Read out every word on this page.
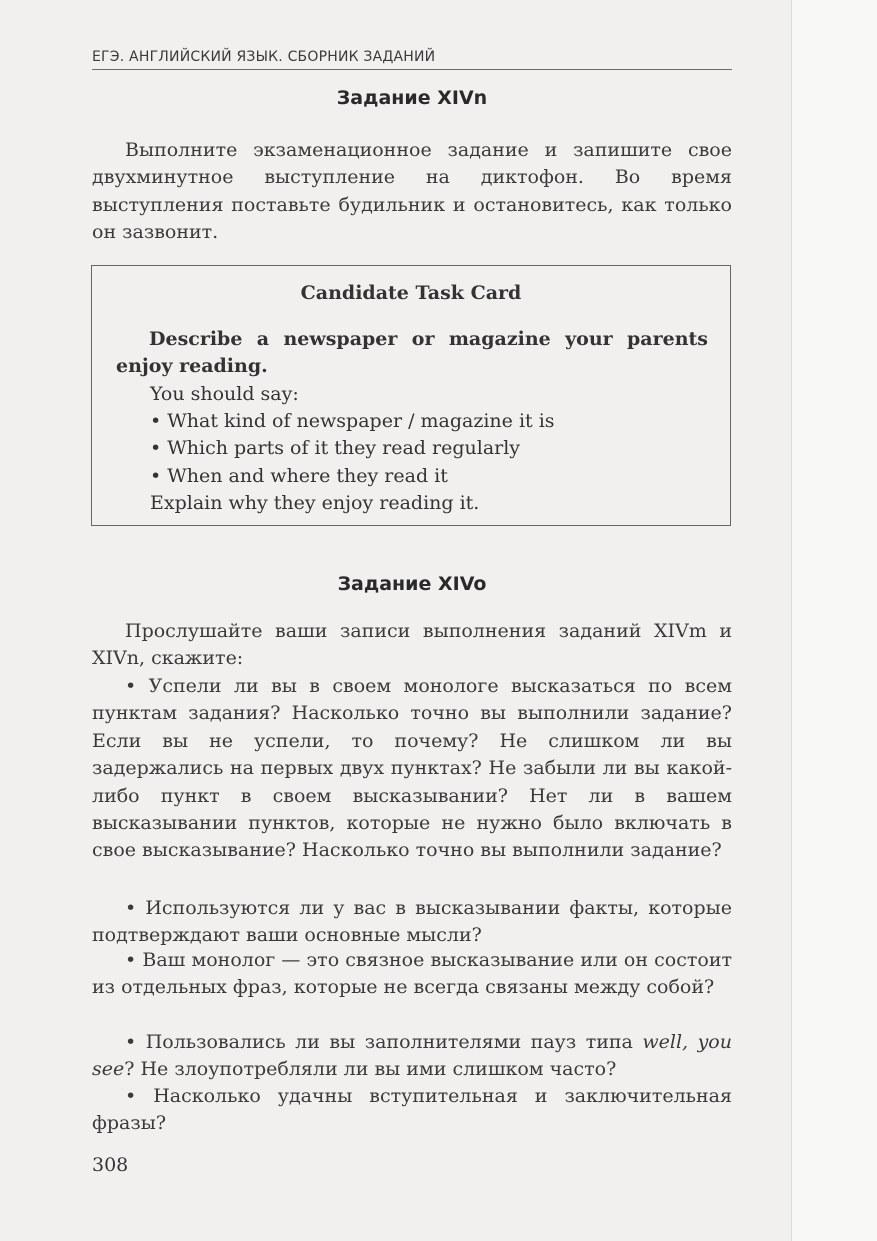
ЕГЭ. АНГЛИЙСКИЙ ЯЗЫК. СБОРНИК ЗАДАНИЙ
Задание XIVn

Выполните экзаменационное задание и запишите свое двухминутное выступление на диктофон. Во время выступления поставьте будильник и остановитесь, как только он зазвонит.

Candidate Task Card

Describe a newspaper or magazine your parents enjoy reading.

You should say:

• What kind of newspaper / magazine it is

• Which parts of it they read regularly

• When and where they read it

Explain why they enjoy reading it.

Задание XIVo

Прослушайте ваши записи выполнения заданий XIVm и XIVn, скажите:

• Успели ли вы в своем монологе высказаться по всем пунктам задания? Насколько точно вы выполнили задание? Если вы не успели, то почему? Не слишком ли вы задержались на первых двух пунктах? Не забыли ли вы какой-либо пункт в своем высказывании? Нет ли в вашем высказывании пунктов, которые не нужно было включать в свое высказывание? Насколько точно вы выполнили задание?

• Используются ли у вас в высказывании факты, которые подтверждают ваши основные мысли?

• Ваш монолог — это связное высказывание или он состоит из отдельных фраз, которые не всегда связаны между собой?

• Пользовались ли вы заполнителями пауз типа well, you see? Не злоупотребляли ли вы ими слишком часто?

• Насколько удачны вступительная и заключительная фразы?

308
